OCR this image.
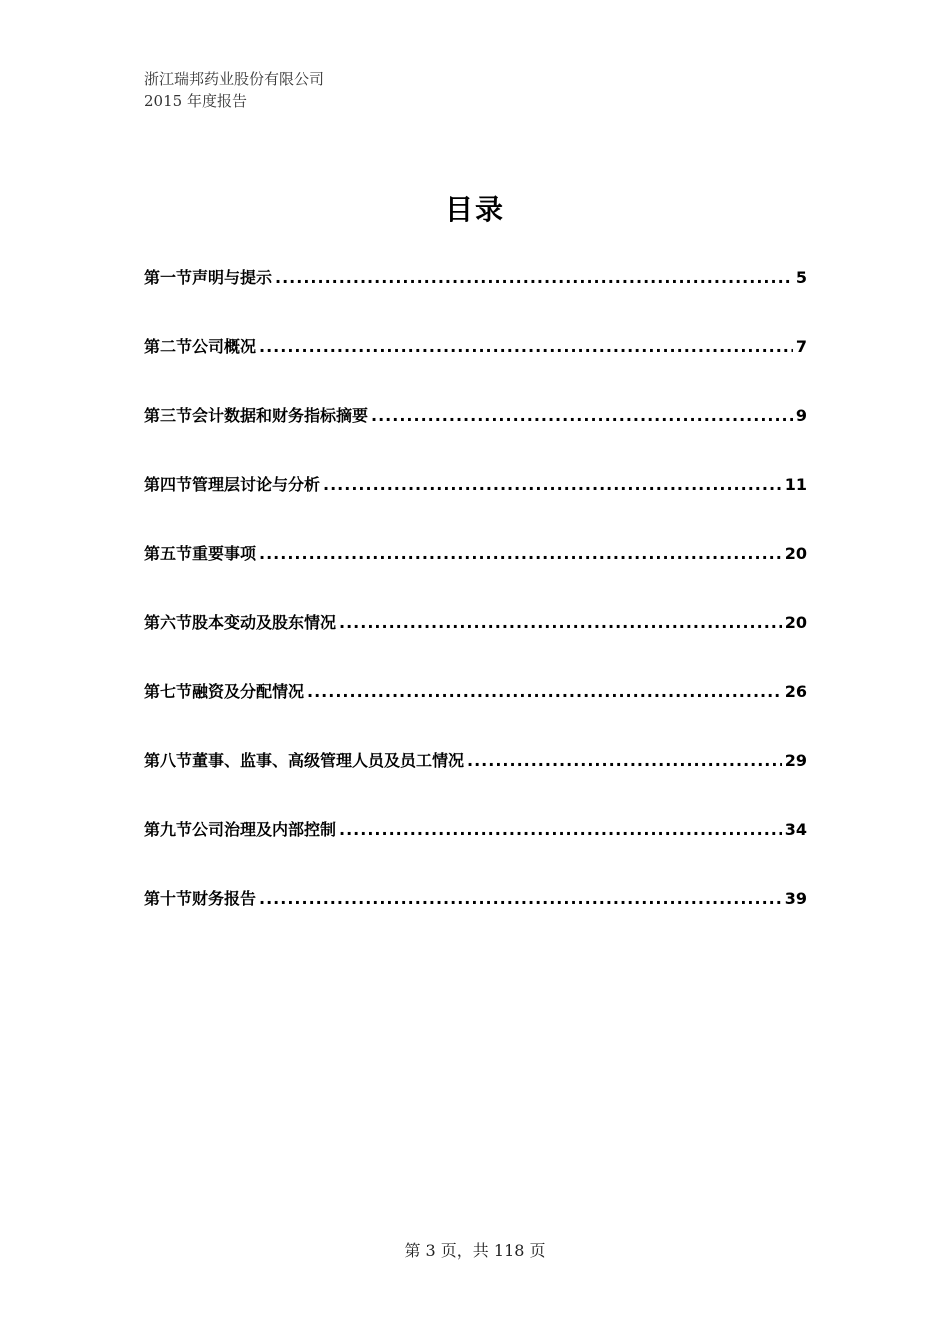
浙江瑞邦药业股份有限公司
2015 年度报告
目录
第一节声明与提示 .....	5
第二节公司概况 .....	7
第三节会计数据和财务指标摘要 .....	9
第四节管理层讨论与分析 .....	11
第五节重要事项 .....	20
第六节股本变动及股东情况 .....	20
第七节融资及分配情况 .....	26
第八节董事、监事、高级管理人员及员工情况 .....	29
第九节公司治理及内部控制 .....	34
第十节财务报告 .....	39
第 3 页，共 118 页
